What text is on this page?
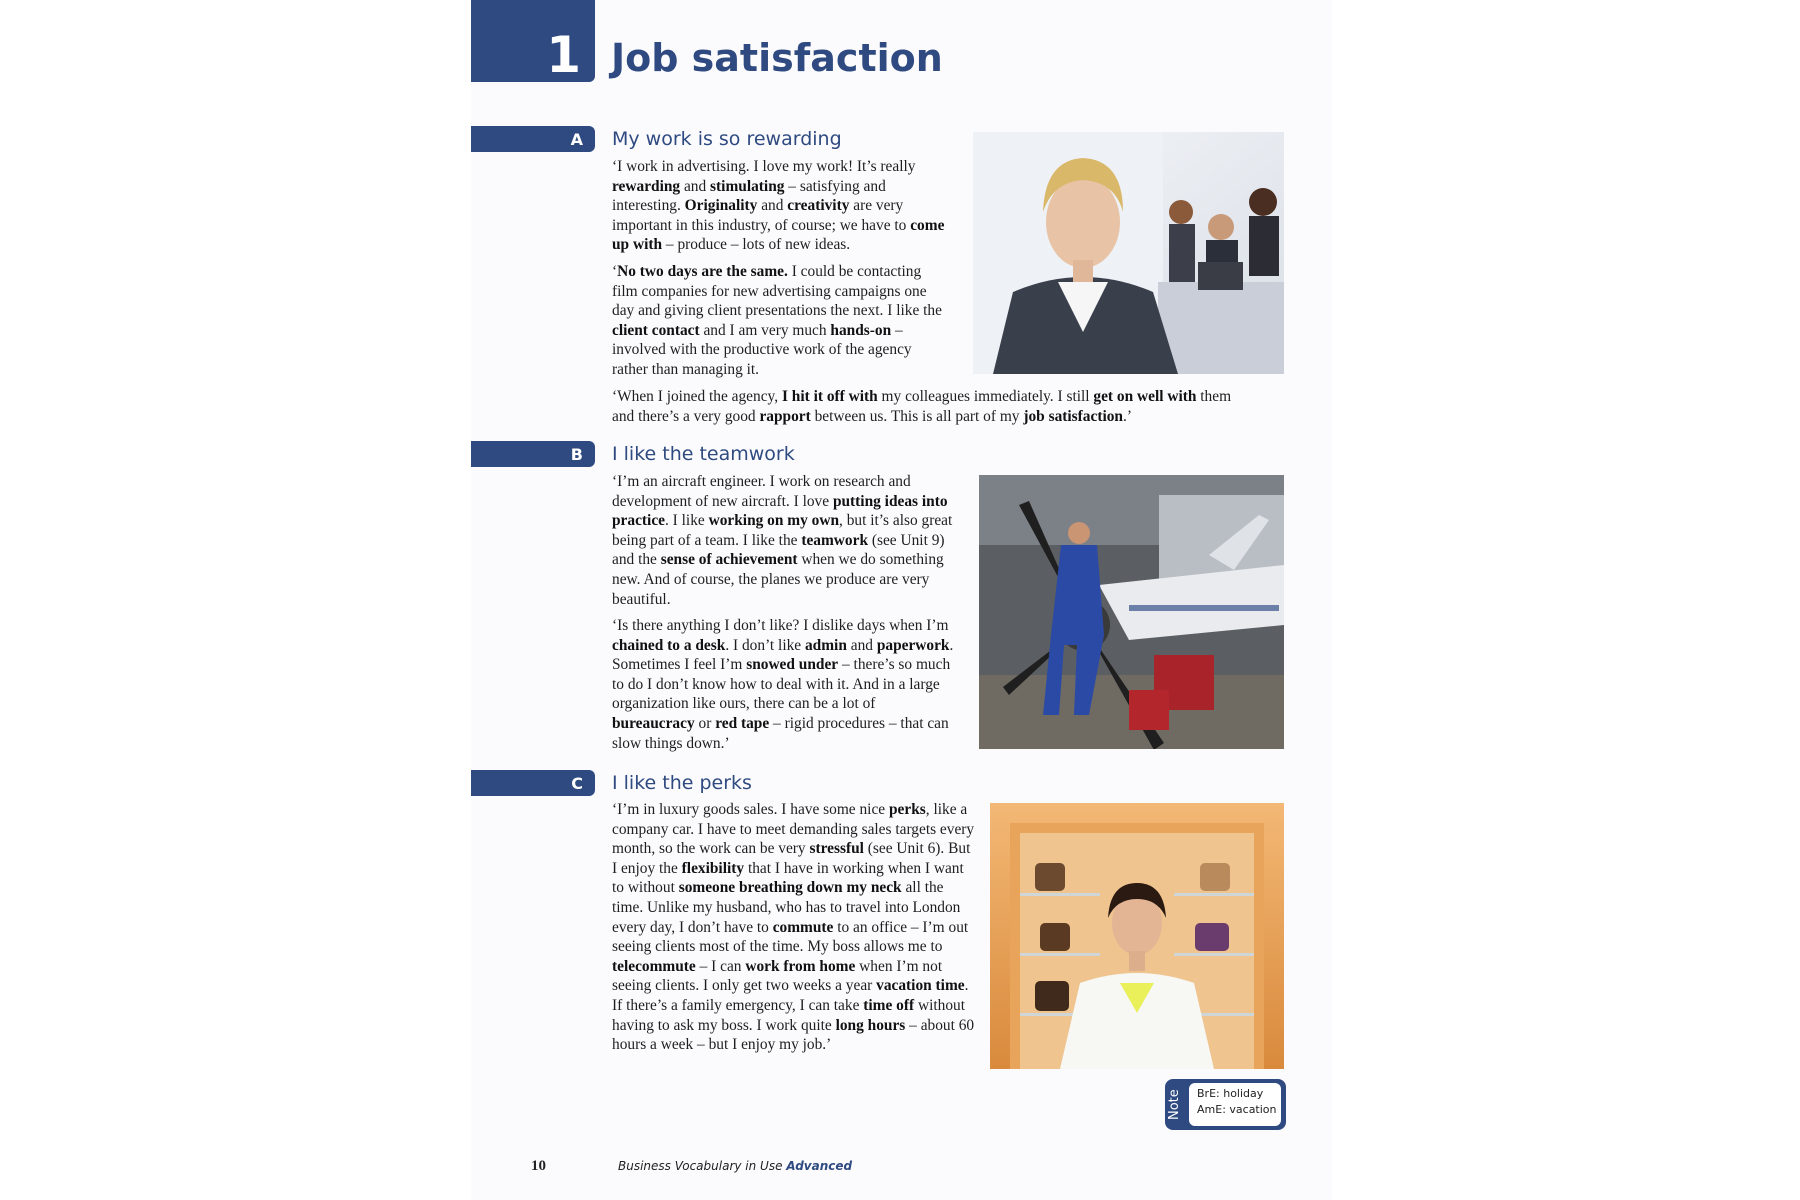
1 Job satisfaction
A My work is so rewarding

‘I work in advertising. I love my work! It’s really rewarding and stimulating – satisfying and interesting. Originality and creativity are very important in this industry, of course; we have to come up with – produce – lots of new ideas.

‘No two days are the same. I could be contacting film companies for new advertising campaigns one day and giving client presentations the next. I like the client contact and I am very much hands-on – involved with the productive work of the agency rather than managing it.

‘When I joined the agency, I hit it off with my colleagues immediately. I still get on well with them and there’s a very good rapport between us. This is all part of my job satisfaction.’

B I like the teamwork

‘I’m an aircraft engineer. I work on research and development of new aircraft. I love putting ideas into practice. I like working on my own, but it’s also great being part of a team. I like the teamwork (see Unit 9) and the sense of achievement when we do something new. And of course, the planes we produce are very beautiful.

‘Is there anything I don’t like? I dislike days when I’m chained to a desk. I don’t like admin and paperwork. Sometimes I feel I’m snowed under – there’s so much to do I don’t know how to deal with it. And in a large organization like ours, there can be a lot of bureaucracy or red tape – rigid procedures – that can slow things down.’

C I like the perks

‘I’m in luxury goods sales. I have some nice perks, like a company car. I have to meet demanding sales targets every month, so the work can be very stressful (see Unit 6). But I enjoy the flexibility that I have in working when I want to without someone breathing down my neck all the time. Unlike my husband, who has to travel into London every day, I don’t have to commute to an office – I’m out seeing clients most of the time. My boss allows me to telecommute – I can work from home when I’m not seeing clients. I only get two weeks a year vacation time. If there’s a family emergency, I can take time off without having to ask my boss. I work quite long hours – about 60 hours a week – but I enjoy my job.’

Note	BrE: holiday
AmE: vacation
10	Business Vocabulary in Use Advanced
